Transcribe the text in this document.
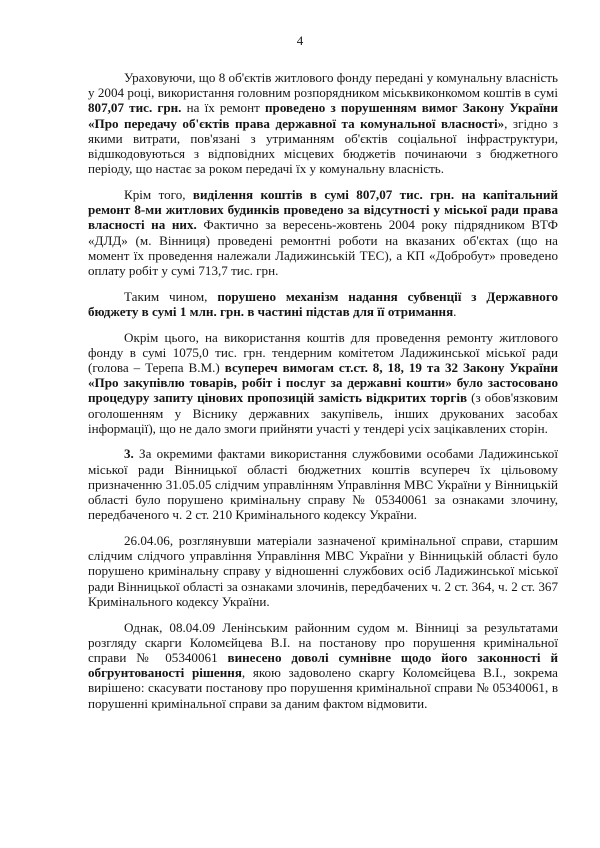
4

Ураховуючи, що 8 об'єктів житлового фонду передані у комунальну власність у 2004 році, використання головним розпорядником міськвиконкомом коштів в сумі 807,07 тис. грн. на їх ремонт проведено з порушенням вимог Закону України «Про передачу об'єктів права державної та комунальної власності», згідно з якими витрати, пов'язані з утриманням об'єктів соціальної інфраструктури, відшкодовуються з відповідних місцевих бюджетів починаючи з бюджетного періоду, що настає за роком передачі їх у комунальну власність.

Крім того, виділення коштів в сумі 807,07 тис. грн. на капітальний ремонт 8-ми житлових будинків проведено за відсутності у міської ради права власності на них. Фактично за вересень-жовтень 2004 року підрядником ВТФ «ДЛД» (м. Вінниця) проведені ремонтні роботи на вказаних об'єктах (що на момент їх проведення належали Ладижинській ТЕС), а КП «Добробут» проведено оплату робіт у сумі 713,7 тис. грн.

Таким чином, порушено механізм надання субвенції з Державного бюджету в сумі 1 млн. грн. в частині підстав для її отримання.

Окрім цього, на використання коштів для проведення ремонту житлового фонду в сумі 1075,0 тис. грн. тендерним комітетом Ладижинської міської ради (голова – Терепа В.М.) всупереч вимогам ст.ст. 8, 18, 19 та 32 Закону України «Про закупівлю товарів, робіт і послуг за державні кошти» було застосовано процедуру запиту цінових пропозицій замість відкритих торгів (з обов'язковим оголошенням у Віснику державних закупівель, інших друкованих засобах інформації), що не дало змоги прийняти участі у тендері усіх зацікавлених сторін.

3. За окремими фактами використання службовими особами Ладижинської міської ради Вінницької області бюджетних коштів всупереч їх цільовому призначенню 31.05.05 слідчим управлінням Управління МВС України у Вінницькій області було порушено кримінальну справу № 05340061 за ознаками злочину, передбаченого ч. 2 ст. 210 Кримінального кодексу України.

26.04.06, розглянувши матеріали зазначеної кримінальної справи, старшим слідчим слідчого управління Управління МВС України у Вінницькій області було порушено кримінальну справу у відношенні службових осіб Ладижинської міської ради Вінницької області за ознаками злочинів, передбачених ч. 2 ст. 364, ч. 2 ст. 367 Кримінального кодексу України.

Однак, 08.04.09 Ленінським районним судом м. Вінниці за результатами розгляду скарги Коломєйцева В.І. на постанову про порушення кримінальної справи № 05340061 винесено доволі сумнівне щодо його законності й обгрунтованості рішення, якою задоволено скаргу Коломєйцева В.І., зокрема вирішено: скасувати постанову про порушення кримінальної справи № 05340061, в порушенні кримінальної справи за даним фактом відмовити.
